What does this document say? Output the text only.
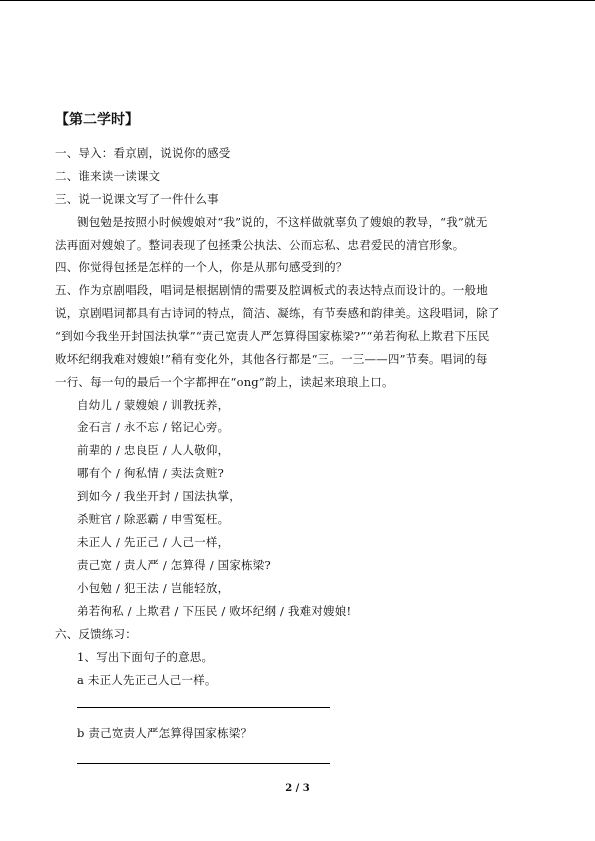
【第二学时】
一、导入：看京剧，说说你的感受
二、谁来读一读课文
三、说一说课文写了一件什么事
铡包勉是按照小时候嫂娘对“我”说的，不这样做就辜负了嫂娘的教导，“我”就无
法再面对嫂娘了。整词表现了包拯秉公执法、公而忘私、忠君爱民的清官形象。
四、你觉得包拯是怎样的一个人，你是从那句感受到的？
五、作为京剧唱段，唱词是根据剧情的需要及腔调板式的表达特点而设计的。一般地
说，京剧唱词都具有古诗词的特点，简洁、凝练，有节奏感和韵律美。这段唱词，除了
“到如今我坐开封国法执掌”“责己宽责人严怎算得国家栋梁?”“弟若徇私上欺君下压民
败坏纪纲我难对嫂娘!”稍有变化外，其他各行都是“三。一三——四”节奏。唱词的每
一行、每一句的最后一个字都押在“ong”韵上，读起来琅琅上口。
自幼儿 / 蒙嫂娘 / 训教抚养，
金石言 / 永不忘 / 铭记心旁。
前辈的 / 忠良臣 / 人人敬仰，
哪有个 / 徇私情 / 卖法贪赃?
到如今 / 我坐开封 / 国法执掌，
杀赃官 / 除恶霸 / 申雪冤枉。
未正人 / 先正己 / 人己一样，
责己宽 / 责人严 / 怎算得 / 国家栋梁?
小包勉 / 犯王法 / 岂能轻放，
弟若徇私 / 上欺君 / 下压民 / 败坏纪纲 / 我难对嫂娘!
六、反馈练习：
1、写出下面句子的意思。
a 未正人先正己人己一样。
b 责己宽责人严怎算得国家栋梁？
2 / 3
